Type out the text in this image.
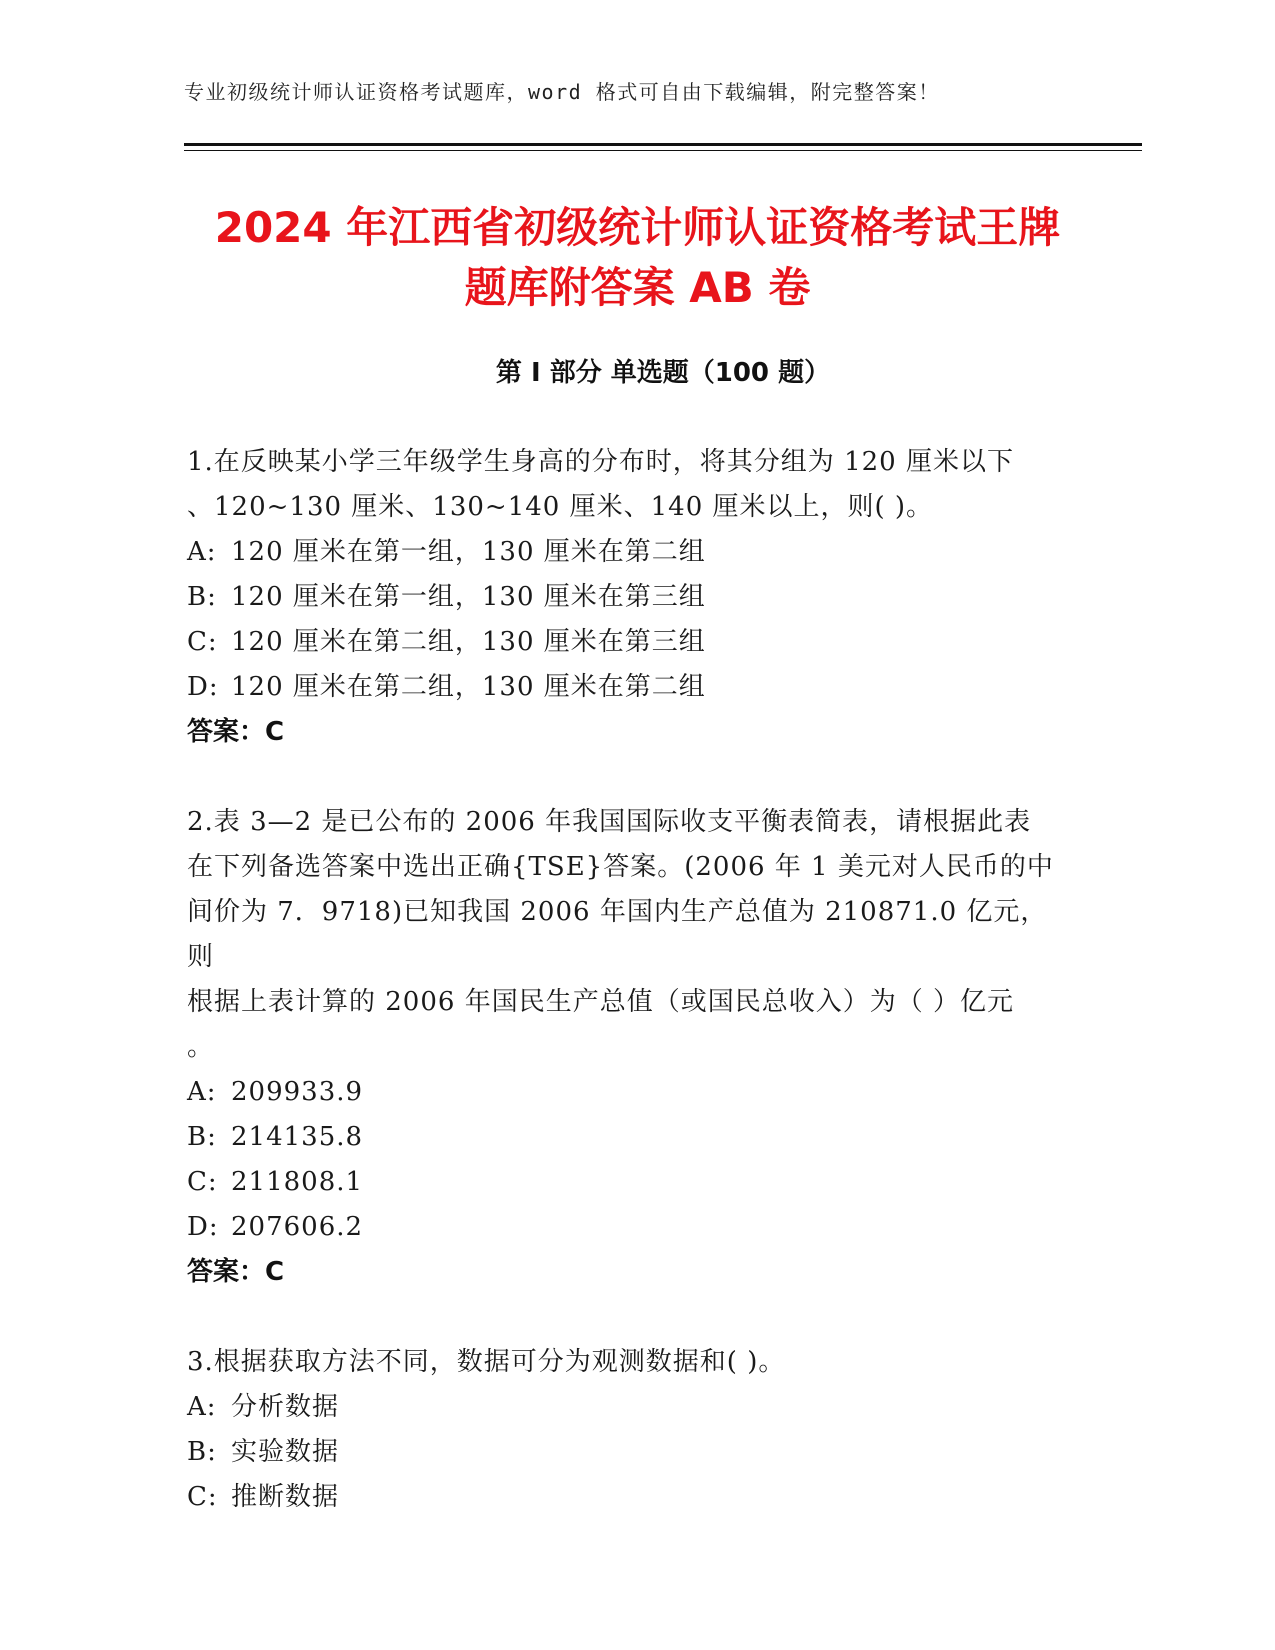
专业初级统计师认证资格考试题库，word 格式可自由下载编辑，附完整答案！
2024 年江西省初级统计师认证资格考试王牌
题库附答案 AB 卷
第 I 部分 单选题（100 题）
1.在反映某小学三年级学生身高的分布时，将其分组为 120 厘米以下
、120~130 厘米、130~140 厘米、140 厘米以上，则( )。
A: 120 厘米在第一组，130 厘米在第二组
B: 120 厘米在第一组，130 厘米在第三组
C: 120 厘米在第二组，130 厘米在第三组
D: 120 厘米在第二组，130 厘米在第二组
答案：C
2.表 3—2 是已公布的 2006 年我国国际收支平衡表简表，请根据此表
在下列备选答案中选出正确{TSE}答案。(2006 年 1 美元对人民币的中
间价为 7．9718)已知我国 2006 年国内生产总值为 210871.0 亿元，则
根据上表计算的 2006 年国民生产总值（或国民总收入）为（ ）亿元
。
A: 209933.9
B: 214135.8
C: 211808.1
D: 207606.2
答案：C
3.根据获取方法不同，数据可分为观测数据和( )。
A: 分析数据
B: 实验数据
C: 推断数据
